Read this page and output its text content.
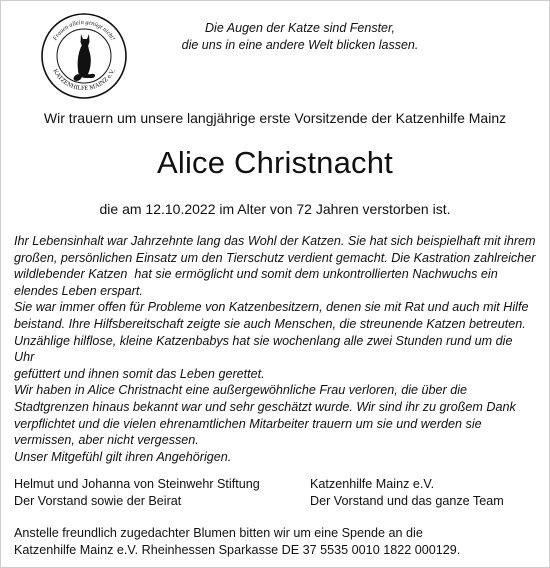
Frauen allein genügt nicht!
KATZENHILFE MAINZ e.V.
Die Augen der Katze sind Fenster,
die uns in eine andere Welt blicken lassen.
Wir trauern um unsere langjährige erste Vorsitzende der Katzenhilfe Mainz
Alice Christnacht
die am 12.10.2022 im Alter von 72 Jahren verstorben ist.

Ihr Lebensinhalt war Jahrzehnte lang das Wohl der Katzen. Sie hat sich beispielhaft mit ihrem

großen, persönlichen Einsatz um den Tierschutz verdient gemacht. Die Kastration zahlreicher

wildlebender Katzen  hat sie ermöglicht und somit dem unkontrollierten Nachwuchs ein

elendes Leben erspart.

Sie war immer offen für Probleme von Katzenbesitzern, denen sie mit Rat und auch mit Hilfe

beistand. Ihre Hilfsbereitschaft zeigte sie auch Menschen, die streunende Katzen betreuten.

Unzählige hilflose, kleine Katzenbabys hat sie wochenlang alle zwei Stunden rund um die Uhr

gefüttert und ihnen somit das Leben gerettet.

Wir haben in Alice Christnacht eine außergewöhnliche Frau verloren, die über die

Stadtgrenzen hinaus bekannt war und sehr geschätzt wurde. Wir sind ihr zu großem Dank

verpflichtet und die vielen ehrenamtlichen Mitarbeiter trauern um sie und werden sie

vermissen, aber nicht vergessen.

Unser Mitgefühl gilt ihren Angehörigen.

Helmut und Johanna von Steinwehr Stiftung
Der Vorstand sowie der Beirat
Katzenhilfe Mainz e.V.
Der Vorstand und das ganze Team
Anstelle freundlich zugedachter Blumen bitten wir um eine Spende an die
Katzenhilfe Mainz e.V. Rheinhessen Sparkasse DE 37 5535 0010 1822 000129.
